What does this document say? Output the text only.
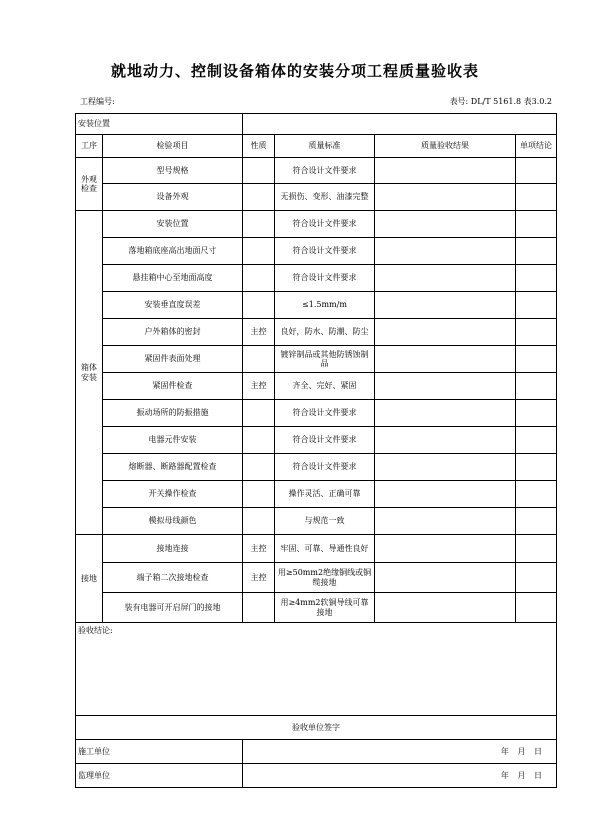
就地动力、控制设备箱体的安装分项工程质量验收表
工程编号:	表号: DL/T 5161.8 表3.0.2
安装位置					
工序	检验项目	性质	质量标准	质量验收结果	单项结论
外观检查	型号规格		符合设计文件要求		
	设备外观		无损伤、变形、油漆完整		
箱体安装	安装位置		符合设计文件要求		
	落地箱底座高出地面尺寸		符合设计文件要求		
	悬挂箱中心至地面高度		符合设计文件要求		
	安装垂直度误差		≤1.5mm/m		
	户外箱体的密封	主控	良好，防水、防潮、防尘		
	紧固件表面处理		镀锌制品或其他防锈蚀制品		
	紧固件检查	主控	齐全、完好、紧固		
	振动场所的防振措施		符合设计文件要求		
	电器元件安装		符合设计文件要求		
	熔断器、断路器配置检查		符合设计文件要求		
	开关操作检查		操作灵活、正确可靠		
	模拟母线颜色		与规范一致		
接地	接地连接	主控	牢固、可靠、导通性良好		
	端子箱二次接地检查	主控	用≥50mm2绝缘铜线或铜缆接地		
	装有电器可开启屏门的接地		用≥4mm2软铜导线可靠接地		
验收结论:					
验收单位签字					
施工单位		年 月 日			
监理单位		年 月 日			
